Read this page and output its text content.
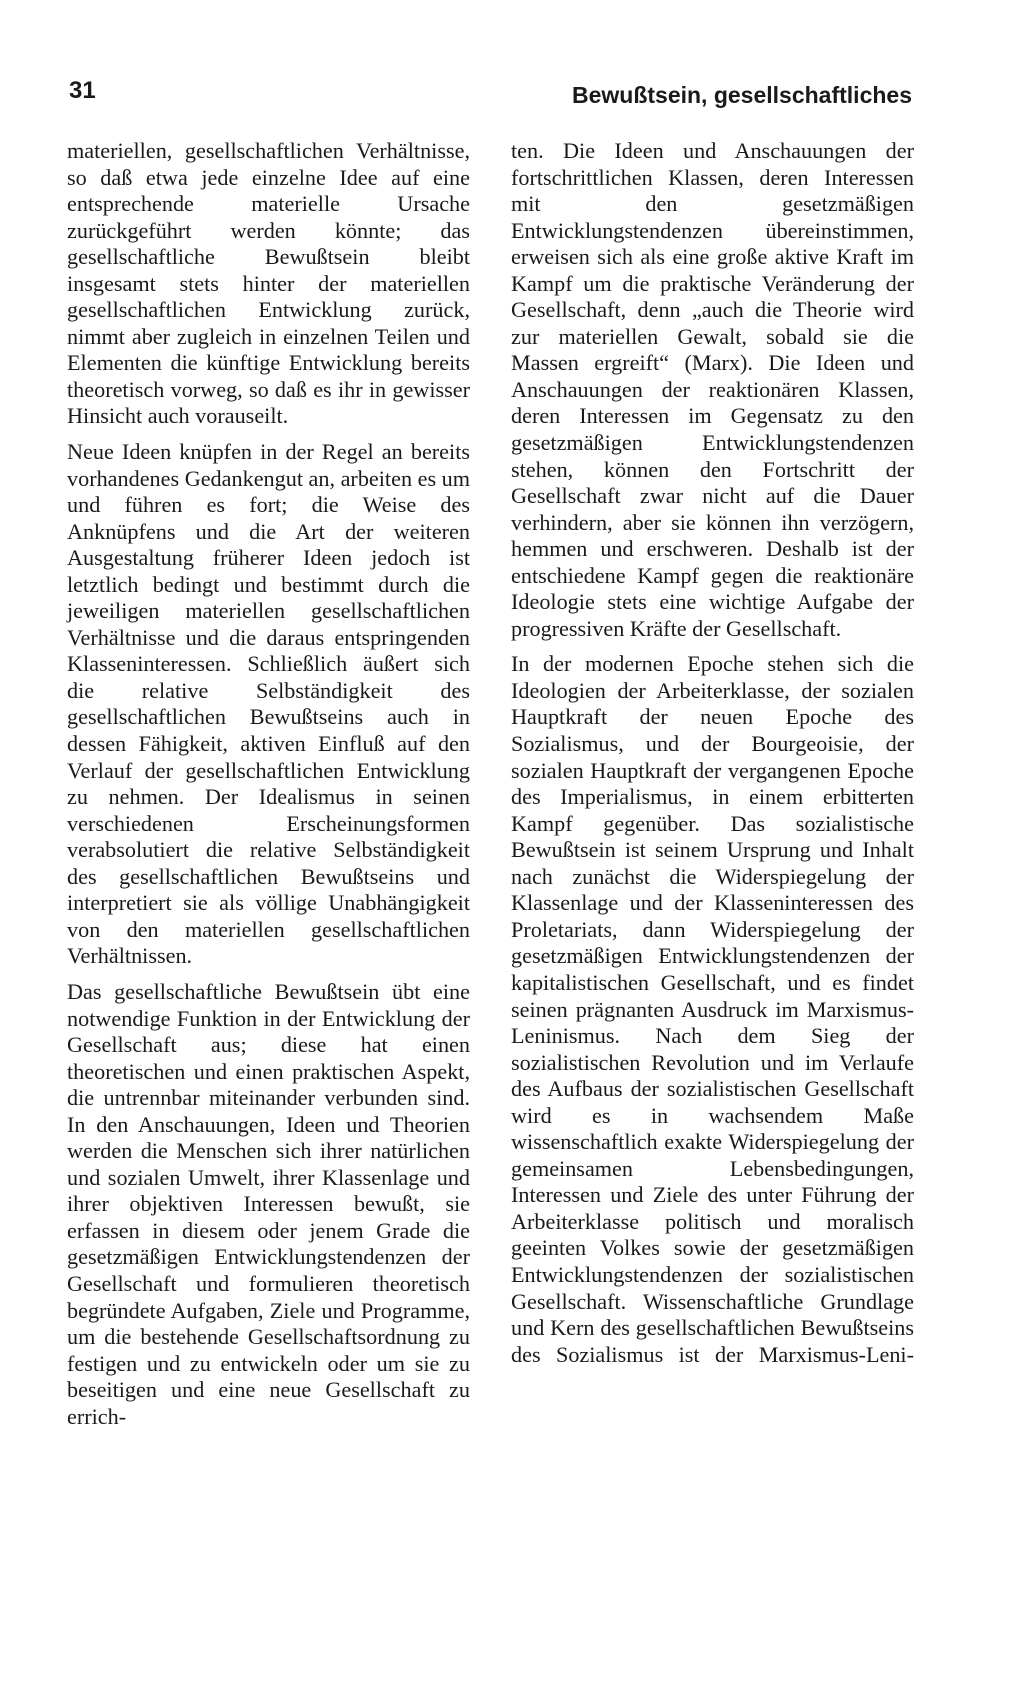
31	Bewußtsein, gesellschaftliches

materiellen, gesellschaftlichen Verhältnisse, so daß etwa jede einzelne Idee auf eine entsprechende materielle Ursache zurückgeführt werden könnte; das gesellschaftliche Bewußtsein bleibt insgesamt stets hinter der materiellen gesellschaftlichen Entwicklung zurück, nimmt aber zugleich in einzelnen Teilen und Elementen die künftige Entwicklung bereits theoretisch vorweg, so daß es ihr in gewisser Hinsicht auch vorauseilt.

Neue Ideen knüpfen in der Regel an bereits vorhandenes Gedankengut an, arbeiten es um und führen es fort; die Weise des Anknüpfens und die Art der weiteren Ausgestaltung früherer Ideen jedoch ist letztlich bedingt und bestimmt durch die jeweiligen materiellen gesellschaftlichen Verhältnisse und die daraus entspringenden Klasseninteressen. Schließlich äußert sich die relative Selbständigkeit des gesellschaftlichen Bewußtseins auch in dessen Fähigkeit, aktiven Einfluß auf den Verlauf der gesellschaftlichen Entwicklung zu nehmen. Der Idealismus in seinen verschiedenen Erscheinungsformen verabsolutiert die relative Selbständigkeit des gesellschaftlichen Bewußtseins und interpretiert sie als völlige Unabhängigkeit von den materiellen gesellschaftlichen Verhältnissen.

Das gesellschaftliche Bewußtsein übt eine notwendige Funktion in der Entwicklung der Gesellschaft aus; diese hat einen theoretischen und einen praktischen Aspekt, die untrennbar miteinander verbunden sind. In den Anschauungen, Ideen und Theorien werden die Menschen sich ihrer natürlichen und sozialen Umwelt, ihrer Klassenlage und ihrer objektiven Interessen bewußt, sie erfassen in diesem oder jenem Grade die gesetzmäßigen Entwicklungstendenzen der Gesellschaft und formulieren theoretisch begründete Aufgaben, Ziele und Programme, um die bestehende Gesellschaftsordnung zu festigen und zu entwickeln oder um sie zu beseitigen und eine neue Gesellschaft zu errich-

ten. Die Ideen und Anschauungen der fortschrittlichen Klassen, deren Interessen mit den gesetzmäßigen Entwicklungstendenzen übereinstimmen, erweisen sich als eine große aktive Kraft im Kampf um die praktische Veränderung der Gesellschaft, denn „auch die Theorie wird zur materiellen Gewalt, sobald sie die Massen ergreift“ (Marx). Die Ideen und Anschauungen der reaktionären Klassen, deren Interessen im Gegensatz zu den gesetzmäßigen Entwicklungstendenzen stehen, können den Fortschritt der Gesellschaft zwar nicht auf die Dauer verhindern, aber sie können ihn verzögern, hemmen und erschweren. Deshalb ist der entschiedene Kampf gegen die reaktionäre Ideologie stets eine wichtige Aufgabe der progressiven Kräfte der Gesellschaft.

In der modernen Epoche stehen sich die Ideologien der Arbeiterklasse, der sozialen Hauptkraft der neuen Epoche des Sozialismus, und der Bourgeoisie, der sozialen Hauptkraft der vergangenen Epoche des Imperialismus, in einem erbitterten Kampf gegenüber. Das sozialistische Bewußtsein ist seinem Ursprung und Inhalt nach zunächst die Widerspiegelung der Klassenlage und der Klasseninteressen des Proletariats, dann Widerspiegelung der gesetzmäßigen Entwicklungstendenzen der kapitalistischen Gesellschaft, und es findet seinen prägnanten Ausdruck im Marxismus-Leninismus. Nach dem Sieg der sozialistischen Revolution und im Verlaufe des Aufbaus der sozialistischen Gesellschaft wird es in wachsendem Maße wissenschaftlich exakte Widerspiegelung der gemeinsamen Lebensbedingungen, Interessen und Ziele des unter Führung der Arbeiterklasse politisch und moralisch geeinten Volkes sowie der gesetzmäßigen Entwicklungstendenzen der sozialistischen Gesellschaft. Wissenschaftliche Grundlage und Kern des gesellschaftlichen Bewußtseins des Sozialismus ist der Marxismus-Leni-
